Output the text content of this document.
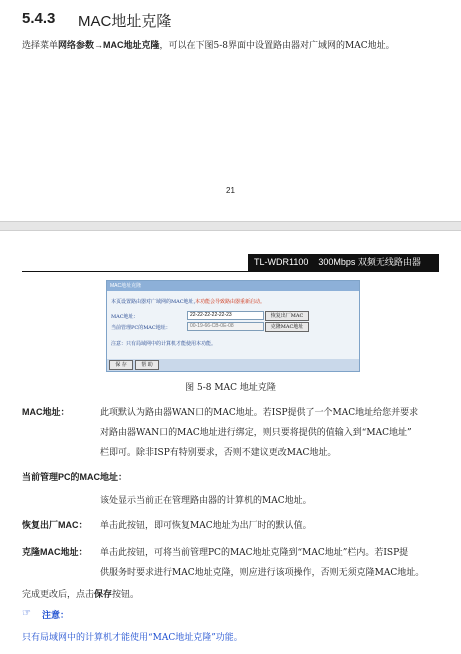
5.4.3 MAC地址克隆
选择菜单网络参数→MAC地址克隆，可以在下图5-8界面中设置路由器对广域网的MAC地址。
21
TL-WDR1100 300Mbps 双频无线路由器
MAC地址克隆
本页设置路由器对广域网的MAC地址，
本功能会导致路由器重新启动。
MAC地址：	22-22-22-22-22-23	恢复出厂MAC
当前管理PC的MAC地址：	00-19-66-CB-0E-08	克隆MAC地址
注意：只有局域网中的计算机才能使用本功能。
保 存	帮 助
图 5-8 MAC 地址克隆
MAC地址：	此项默认为路由器WAN口的MAC地址。若ISP提供了一个MAC地址给您并要求
对路由器WAN口的MAC地址进行绑定，则只要将提供的值输入到“MAC地址”
栏即可。除非ISP有特别要求，否则不建议更改MAC地址。
当前管理PC的MAC地址：
该处显示当前正在管理路由器的计算机的MAC地址。
恢复出厂MAC： 单击此按钮，即可恢复MAC地址为出厂时的默认值。
克隆MAC地址： 单击此按钮，可将当前管理PC的MAC地址克隆到“MAC地址”栏内。若ISP提
供服务时要求进行MAC地址克隆，则应进行该项操作，否则无须克隆MAC地址。
完成更改后，点击保存按钮。
☞ 注意：
只有局域网中的计算机才能使用“MAC地址克隆”功能。
